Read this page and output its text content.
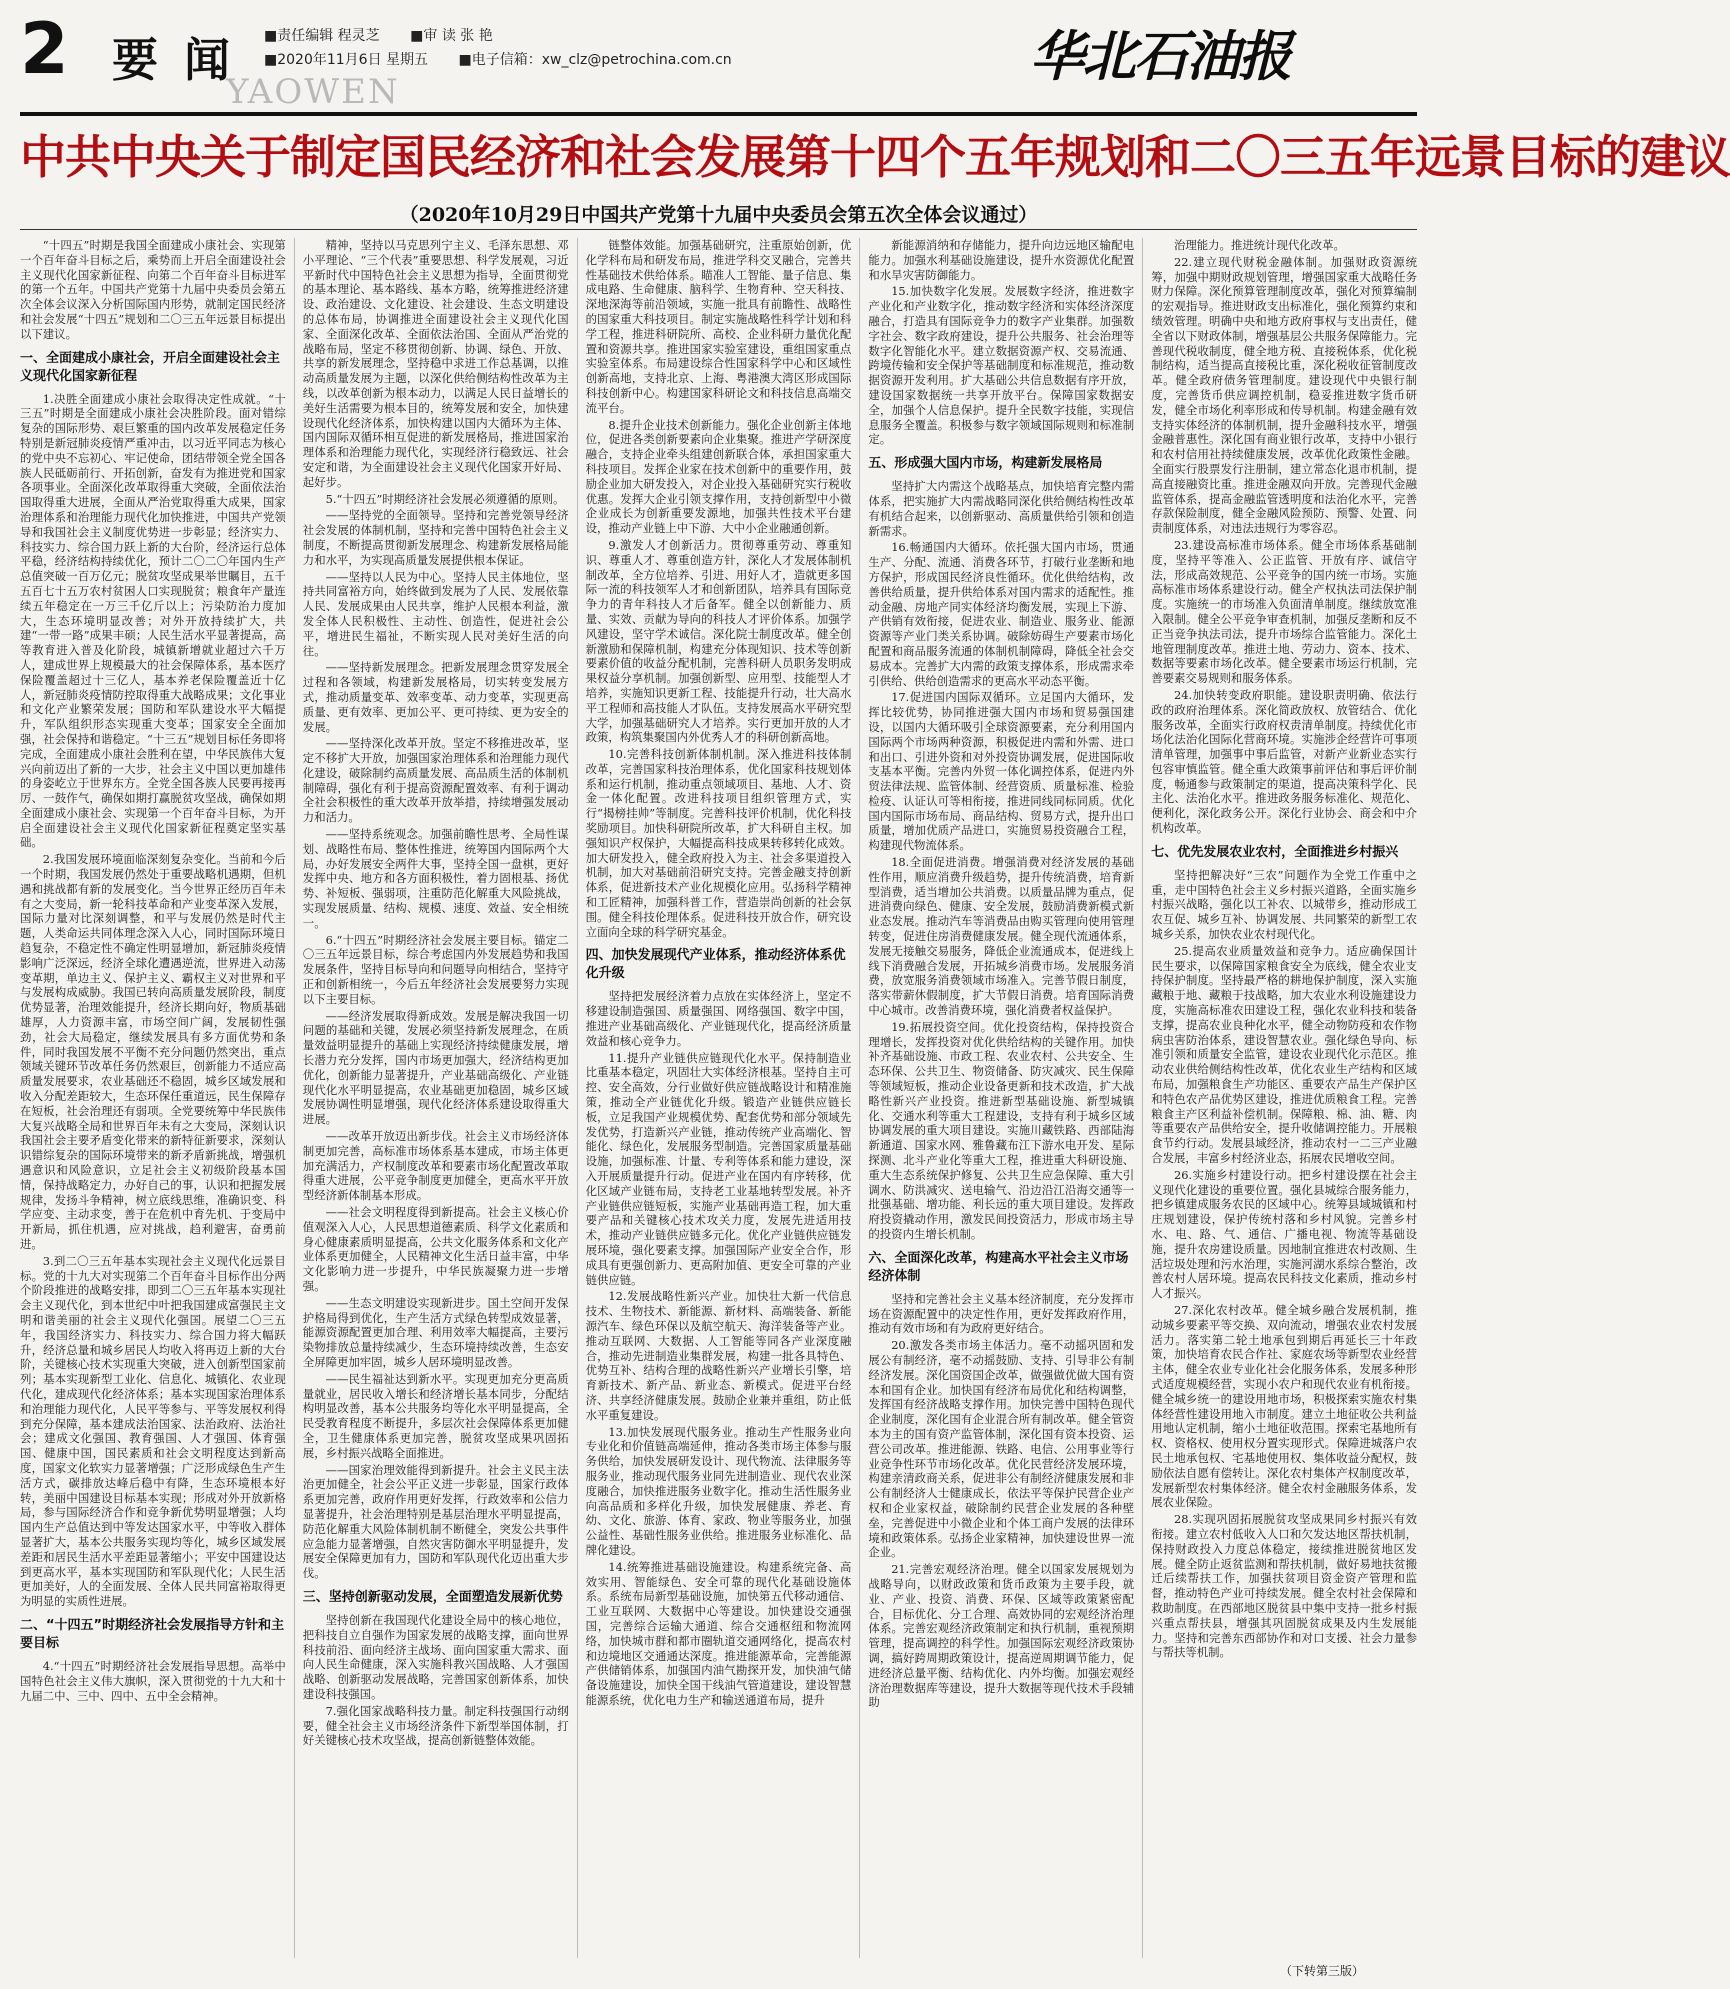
2 要闻
YAOWEN
■责任编辑 程灵芝 ■审 读 张 艳
■2020年11月6日 星期五 ■电子信箱：xw_clz@petrochina.com.cn	华北石油报
中共中央关于制定国民经济和社会发展第十四个五年规划和二〇三五年远景目标的建议
（2020年10月29日中国共产党第十九届中央委员会第五次全体会议通过）

“十四五”时期是我国全面建成小康社会、实现第一个百年奋斗目标之后，乘势而上开启全面建设社会主义现代化国家新征程、向第二个百年奋斗目标进军的第一个五年。中国共产党第十九届中央委员会第五次全体会议深入分析国际国内形势，就制定国民经济和社会发展“十四五”规划和二〇三五年远景目标提出以下建议。

一、全面建成小康社会，开启全面建设社会主义现代化国家新征程

1.决胜全面建成小康社会取得决定性成就。“十三五”时期是全面建成小康社会决胜阶段。面对错综复杂的国际形势、艰巨繁重的国内改革发展稳定任务特别是新冠肺炎疫情严重冲击，以习近平同志为核心的党中央不忘初心、牢记使命，团结带领全党全国各族人民砥砺前行、开拓创新，奋发有为推进党和国家各项事业。全面深化改革取得重大突破，全面依法治国取得重大进展，全面从严治党取得重大成果，国家治理体系和治理能力现代化加快推进，中国共产党领导和我国社会主义制度优势进一步彰显；经济实力、科技实力、综合国力跃上新的大台阶，经济运行总体平稳，经济结构持续优化，预计二〇二〇年国内生产总值突破一百万亿元；脱贫攻坚成果举世瞩目，五千五百七十五万农村贫困人口实现脱贫；粮食年产量连续五年稳定在一万三千亿斤以上；污染防治力度加大，生态环境明显改善；对外开放持续扩大，共建“一带一路”成果丰硕；人民生活水平显著提高，高等教育进入普及化阶段，城镇新增就业超过六千万人，建成世界上规模最大的社会保障体系，基本医疗保险覆盖超过十三亿人，基本养老保险覆盖近十亿人，新冠肺炎疫情防控取得重大战略成果；文化事业和文化产业繁荣发展；国防和军队建设水平大幅提升，军队组织形态实现重大变革；国家安全全面加强，社会保持和谐稳定。“十三五”规划目标任务即将完成，全面建成小康社会胜利在望，中华民族伟大复兴向前迈出了新的一大步，社会主义中国以更加雄伟的身姿屹立于世界东方。全党全国各族人民要再接再厉、一鼓作气，确保如期打赢脱贫攻坚战，确保如期全面建成小康社会、实现第一个百年奋斗目标，为开启全面建设社会主义现代化国家新征程奠定坚实基础。

2.我国发展环境面临深刻复杂变化。当前和今后一个时期，我国发展仍然处于重要战略机遇期，但机遇和挑战都有新的发展变化。当今世界正经历百年未有之大变局，新一轮科技革命和产业变革深入发展，国际力量对比深刻调整，和平与发展仍然是时代主题，人类命运共同体理念深入人心，同时国际环境日趋复杂，不稳定性不确定性明显增加，新冠肺炎疫情影响广泛深远，经济全球化遭遇逆流，世界进入动荡变革期，单边主义、保护主义、霸权主义对世界和平与发展构成威胁。我国已转向高质量发展阶段，制度优势显著，治理效能提升，经济长期向好，物质基础雄厚，人力资源丰富，市场空间广阔，发展韧性强劲，社会大局稳定，继续发展具有多方面优势和条件，同时我国发展不平衡不充分问题仍然突出，重点领域关键环节改革任务仍然艰巨，创新能力不适应高质量发展要求，农业基础还不稳固，城乡区域发展和收入分配差距较大，生态环保任重道远，民生保障存在短板，社会治理还有弱项。全党要统筹中华民族伟大复兴战略全局和世界百年未有之大变局，深刻认识我国社会主要矛盾变化带来的新特征新要求，深刻认识错综复杂的国际环境带来的新矛盾新挑战，增强机遇意识和风险意识，立足社会主义初级阶段基本国情，保持战略定力，办好自己的事，认识和把握发展规律，发扬斗争精神，树立底线思维，准确识变、科学应变、主动求变，善于在危机中育先机、于变局中开新局，抓住机遇，应对挑战，趋利避害，奋勇前进。

3.到二〇三五年基本实现社会主义现代化远景目标。党的十九大对实现第二个百年奋斗目标作出分两个阶段推进的战略安排，即到二〇三五年基本实现社会主义现代化，到本世纪中叶把我国建成富强民主文明和谐美丽的社会主义现代化强国。展望二〇三五年，我国经济实力、科技实力、综合国力将大幅跃升，经济总量和城乡居民人均收入将再迈上新的大台阶，关键核心技术实现重大突破，进入创新型国家前列；基本实现新型工业化、信息化、城镇化、农业现代化，建成现代化经济体系；基本实现国家治理体系和治理能力现代化，人民平等参与、平等发展权利得到充分保障，基本建成法治国家、法治政府、法治社会；建成文化强国、教育强国、人才强国、体育强国、健康中国，国民素质和社会文明程度达到新高度，国家文化软实力显著增强；广泛形成绿色生产生活方式，碳排放达峰后稳中有降，生态环境根本好转，美丽中国建设目标基本实现；形成对外开放新格局，参与国际经济合作和竞争新优势明显增强；人均国内生产总值达到中等发达国家水平，中等收入群体显著扩大，基本公共服务实现均等化，城乡区域发展差距和居民生活水平差距显著缩小；平安中国建设达到更高水平，基本实现国防和军队现代化；人民生活更加美好，人的全面发展、全体人民共同富裕取得更为明显的实质性进展。

二、“十四五”时期经济社会发展指导方针和主要目标

4.“十四五”时期经济社会发展指导思想。高举中国特色社会主义伟大旗帜，深入贯彻党的十九大和十九届二中、三中、四中、五中全会精神。

精神，坚持以马克思列宁主义、毛泽东思想、邓小平理论、“三个代表”重要思想、科学发展观，习近平新时代中国特色社会主义思想为指导，全面贯彻党的基本理论、基本路线、基本方略，统筹推进经济建设、政治建设、文化建设、社会建设、生态文明建设的总体布局，协调推进全面建设社会主义现代化国家、全面深化改革、全面依法治国、全面从严治党的战略布局，坚定不移贯彻创新、协调、绿色、开放、共享的新发展理念，坚持稳中求进工作总基调，以推动高质量发展为主题，以深化供给侧结构性改革为主线，以改革创新为根本动力，以满足人民日益增长的美好生活需要为根本目的，统筹发展和安全，加快建设现代化经济体系，加快构建以国内大循环为主体、国内国际双循环相互促进的新发展格局，推进国家治理体系和治理能力现代化，实现经济行稳致远、社会安定和谐，为全面建设社会主义现代化国家开好局、起好步。

5.“十四五”时期经济社会发展必须遵循的原则。

——坚持党的全面领导。坚持和完善党领导经济社会发展的体制机制，坚持和完善中国特色社会主义制度，不断提高贯彻新发展理念、构建新发展格局能力和水平，为实现高质量发展提供根本保证。

——坚持以人民为中心。坚持人民主体地位，坚持共同富裕方向，始终做到发展为了人民、发展依靠人民、发展成果由人民共享，维护人民根本利益，激发全体人民积极性、主动性、创造性，促进社会公平，增进民生福祉，不断实现人民对美好生活的向往。

——坚持新发展理念。把新发展理念贯穿发展全过程和各领域，构建新发展格局，切实转变发展方式，推动质量变革、效率变革、动力变革，实现更高质量、更有效率、更加公平、更可持续、更为安全的发展。

——坚持深化改革开放。坚定不移推进改革，坚定不移扩大开放，加强国家治理体系和治理能力现代化建设，破除制约高质量发展、高品质生活的体制机制障碍，强化有利于提高资源配置效率、有利于调动全社会积极性的重大改革开放举措，持续增强发展动力和活力。

——坚持系统观念。加强前瞻性思考、全局性谋划、战略性布局、整体性推进，统筹国内国际两个大局，办好发展安全两件大事，坚持全国一盘棋，更好发挥中央、地方和各方面积极性，着力固根基、扬优势、补短板、强弱项，注重防范化解重大风险挑战，实现发展质量、结构、规模、速度、效益、安全相统一。

6.“十四五”时期经济社会发展主要目标。锚定二〇三五年远景目标，综合考虑国内外发展趋势和我国发展条件，坚持目标导向和问题导向相结合，坚持守正和创新相统一，今后五年经济社会发展要努力实现以下主要目标。

——经济发展取得新成效。发展是解决我国一切问题的基础和关键，发展必须坚持新发展理念，在质量效益明显提升的基础上实现经济持续健康发展，增长潜力充分发挥，国内市场更加强大，经济结构更加优化，创新能力显著提升，产业基础高级化、产业链现代化水平明显提高，农业基础更加稳固，城乡区域发展协调性明显增强，现代化经济体系建设取得重大进展。

——改革开放迈出新步伐。社会主义市场经济体制更加完善，高标准市场体系基本建成，市场主体更加充满活力，产权制度改革和要素市场化配置改革取得重大进展，公平竞争制度更加健全，更高水平开放型经济新体制基本形成。

——社会文明程度得到新提高。社会主义核心价值观深入人心，人民思想道德素质、科学文化素质和身心健康素质明显提高，公共文化服务体系和文化产业体系更加健全，人民精神文化生活日益丰富，中华文化影响力进一步提升，中华民族凝聚力进一步增强。

——生态文明建设实现新进步。国土空间开发保护格局得到优化，生产生活方式绿色转型成效显著，能源资源配置更加合理、利用效率大幅提高，主要污染物排放总量持续减少，生态环境持续改善，生态安全屏障更加牢固，城乡人居环境明显改善。

——民生福祉达到新水平。实现更加充分更高质量就业，居民收入增长和经济增长基本同步，分配结构明显改善，基本公共服务均等化水平明显提高，全民受教育程度不断提升，多层次社会保障体系更加健全，卫生健康体系更加完善，脱贫攻坚成果巩固拓展，乡村振兴战略全面推进。

——国家治理效能得到新提升。社会主义民主法治更加健全，社会公平正义进一步彰显，国家行政体系更加完善，政府作用更好发挥，行政效率和公信力显著提升，社会治理特别是基层治理水平明显提高，防范化解重大风险体制机制不断健全，突发公共事件应急能力显著增强，自然灾害防御水平明显提升，发展安全保障更加有力，国防和军队现代化迈出重大步伐。

三、坚持创新驱动发展，全面塑造发展新优势

坚持创新在我国现代化建设全局中的核心地位，把科技自立自强作为国家发展的战略支撑，面向世界科技前沿、面向经济主战场、面向国家重大需求、面向人民生命健康，深入实施科教兴国战略、人才强国战略、创新驱动发展战略，完善国家创新体系，加快建设科技强国。

7.强化国家战略科技力量。制定科技强国行动纲要，健全社会主义市场经济条件下新型举国体制，打好关键核心技术攻坚战，提高创新链整体效能。

链整体效能。加强基础研究，注重原始创新，优化学科布局和研发布局，推进学科交叉融合，完善共性基础技术供给体系。瞄准人工智能、量子信息、集成电路、生命健康、脑科学、生物育种、空天科技、深地深海等前沿领域，实施一批具有前瞻性、战略性的国家重大科技项目。制定实施战略性科学计划和科学工程，推进科研院所、高校、企业科研力量优化配置和资源共享。推进国家实验室建设，重组国家重点实验室体系。布局建设综合性国家科学中心和区域性创新高地，支持北京、上海、粤港澳大湾区形成国际科技创新中心。构建国家科研论文和科技信息高端交流平台。

8.提升企业技术创新能力。强化企业创新主体地位，促进各类创新要素向企业集聚。推进产学研深度融合，支持企业牵头组建创新联合体，承担国家重大科技项目。发挥企业家在技术创新中的重要作用，鼓励企业加大研发投入，对企业投入基础研究实行税收优惠。发挥大企业引领支撑作用，支持创新型中小微企业成长为创新重要发源地，加强共性技术平台建设，推动产业链上中下游、大中小企业融通创新。

9.激发人才创新活力。贯彻尊重劳动、尊重知识、尊重人才、尊重创造方针，深化人才发展体制机制改革，全方位培养、引进、用好人才，造就更多国际一流的科技领军人才和创新团队，培养具有国际竞争力的青年科技人才后备军。健全以创新能力、质量、实效、贡献为导向的科技人才评价体系。加强学风建设，坚守学术诚信。深化院士制度改革。健全创新激励和保障机制，构建充分体现知识、技术等创新要素价值的收益分配机制，完善科研人员职务发明成果权益分享机制。加强创新型、应用型、技能型人才培养，实施知识更新工程、技能提升行动，壮大高水平工程师和高技能人才队伍。支持发展高水平研究型大学，加强基础研究人才培养。实行更加开放的人才政策，构筑集聚国内外优秀人才的科研创新高地。

10.完善科技创新体制机制。深入推进科技体制改革，完善国家科技治理体系，优化国家科技规划体系和运行机制，推动重点领域项目、基地、人才、资金一体化配置。改进科技项目组织管理方式，实行“揭榜挂帅”等制度。完善科技评价机制，优化科技奖励项目。加快科研院所改革，扩大科研自主权。加强知识产权保护，大幅提高科技成果转移转化成效。加大研发投入，健全政府投入为主、社会多渠道投入机制，加大对基础前沿研究支持。完善金融支持创新体系，促进新技术产业化规模化应用。弘扬科学精神和工匠精神，加强科普工作，营造崇尚创新的社会氛围。健全科技伦理体系。促进科技开放合作，研究设立面向全球的科学研究基金。

四、加快发展现代产业体系，推动经济体系优化升级

坚持把发展经济着力点放在实体经济上，坚定不移建设制造强国、质量强国、网络强国、数字中国，推进产业基础高级化、产业链现代化，提高经济质量效益和核心竞争力。

11.提升产业链供应链现代化水平。保持制造业比重基本稳定，巩固壮大实体经济根基。坚持自主可控、安全高效，分行业做好供应链战略设计和精准施策，推动全产业链优化升级。锻造产业链供应链长板，立足我国产业规模优势、配套优势和部分领域先发优势，打造新兴产业链，推动传统产业高端化、智能化、绿色化，发展服务型制造。完善国家质量基础设施，加强标准、计量、专利等体系和能力建设，深入开展质量提升行动。促进产业在国内有序转移，优化区域产业链布局，支持老工业基地转型发展。补齐产业链供应链短板，实施产业基础再造工程，加大重要产品和关键核心技术攻关力度，发展先进适用技术，推动产业链供应链多元化。优化产业链供应链发展环境，强化要素支撑。加强国际产业安全合作，形成具有更强创新力、更高附加值、更安全可靠的产业链供应链。

12.发展战略性新兴产业。加快壮大新一代信息技术、生物技术、新能源、新材料、高端装备、新能源汽车、绿色环保以及航空航天、海洋装备等产业。推动互联网、大数据、人工智能等同各产业深度融合，推动先进制造业集群发展，构建一批各具特色、优势互补、结构合理的战略性新兴产业增长引擎，培育新技术、新产品、新业态、新模式。促进平台经济、共享经济健康发展。鼓励企业兼并重组，防止低水平重复建设。

13.加快发展现代服务业。推动生产性服务业向专业化和价值链高端延伸，推动各类市场主体参与服务供给，加快发展研发设计、现代物流、法律服务等服务业，推动现代服务业同先进制造业、现代农业深度融合，加快推进服务业数字化。推动生活性服务业向高品质和多样化升级，加快发展健康、养老、育幼、文化、旅游、体育、家政、物业等服务业，加强公益性、基础性服务业供给。推进服务业标准化、品牌化建设。

14.统筹推进基础设施建设。构建系统完备、高效实用、智能绿色、安全可靠的现代化基础设施体系。系统布局新型基础设施，加快第五代移动通信、工业互联网、大数据中心等建设。加快建设交通强国，完善综合运输大通道、综合交通枢纽和物流网络，加快城市群和都市圈轨道交通网络化，提高农村和边境地区交通通达深度。推进能源革命，完善能源产供储销体系，加强国内油气勘探开发，加快油气储备设施建设，加快全国干线油气管道建设，建设智慧能源系统，优化电力生产和输送通道布局，提升

新能源消纳和存储能力，提升向边远地区输配电能力。加强水利基础设施建设，提升水资源优化配置和水旱灾害防御能力。

15.加快数字化发展。发展数字经济，推进数字产业化和产业数字化，推动数字经济和实体经济深度融合，打造具有国际竞争力的数字产业集群。加强数字社会、数字政府建设，提升公共服务、社会治理等数字化智能化水平。建立数据资源产权、交易流通、跨境传输和安全保护等基础制度和标准规范，推动数据资源开发利用。扩大基础公共信息数据有序开放，建设国家数据统一共享开放平台。保障国家数据安全，加强个人信息保护。提升全民数字技能，实现信息服务全覆盖。积极参与数字领域国际规则和标准制定。

五、形成强大国内市场，构建新发展格局

坚持扩大内需这个战略基点，加快培育完整内需体系，把实施扩大内需战略同深化供给侧结构性改革有机结合起来，以创新驱动、高质量供给引领和创造新需求。

16.畅通国内大循环。依托强大国内市场，贯通生产、分配、流通、消费各环节，打破行业垄断和地方保护，形成国民经济良性循环。优化供给结构，改善供给质量，提升供给体系对国内需求的适配性。推动金融、房地产同实体经济均衡发展，实现上下游、产供销有效衔接，促进农业、制造业、服务业、能源资源等产业门类关系协调。破除妨碍生产要素市场化配置和商品服务流通的体制机制障碍，降低全社会交易成本。完善扩大内需的政策支撑体系，形成需求牵引供给、供给创造需求的更高水平动态平衡。

17.促进国内国际双循环。立足国内大循环，发挥比较优势，协同推进强大国内市场和贸易强国建设，以国内大循环吸引全球资源要素，充分利用国内国际两个市场两种资源，积极促进内需和外需、进口和出口、引进外资和对外投资协调发展，促进国际收支基本平衡。完善内外贸一体化调控体系，促进内外贸法律法规、监管体制、经营资质、质量标准、检验检疫、认证认可等相衔接，推进同线同标同质。优化国内国际市场布局、商品结构、贸易方式，提升出口质量，增加优质产品进口，实施贸易投资融合工程，构建现代物流体系。

18.全面促进消费。增强消费对经济发展的基础性作用，顺应消费升级趋势，提升传统消费，培育新型消费，适当增加公共消费。以质量品牌为重点，促进消费向绿色、健康、安全发展，鼓励消费新模式新业态发展。推动汽车等消费品由购买管理向使用管理转变，促进住房消费健康发展。健全现代流通体系，发展无接触交易服务，降低企业流通成本，促进线上线下消费融合发展，开拓城乡消费市场。发展服务消费，放宽服务消费领域市场准入。完善节假日制度，落实带薪休假制度，扩大节假日消费。培育国际消费中心城市。改善消费环境，强化消费者权益保护。

19.拓展投资空间。优化投资结构，保持投资合理增长，发挥投资对优化供给结构的关键作用。加快补齐基础设施、市政工程、农业农村、公共安全、生态环保、公共卫生、物资储备、防灾减灾、民生保障等领域短板，推动企业设备更新和技术改造，扩大战略性新兴产业投资。推进新型基础设施、新型城镇化、交通水利等重大工程建设，支持有利于城乡区域协调发展的重大项目建设。实施川藏铁路、西部陆海新通道、国家水网、雅鲁藏布江下游水电开发、星际探测、北斗产业化等重大工程，推进重大科研设施、重大生态系统保护修复、公共卫生应急保障、重大引调水、防洪减灾、送电输气、沿边沿江沿海交通等一批强基础、增功能、利长远的重大项目建设。发挥政府投资撬动作用，激发民间投资活力，形成市场主导的投资内生增长机制。

六、全面深化改革，构建高水平社会主义市场经济体制

坚持和完善社会主义基本经济制度，充分发挥市场在资源配置中的决定性作用，更好发挥政府作用，推动有效市场和有为政府更好结合。

20.激发各类市场主体活力。毫不动摇巩固和发展公有制经济，毫不动摇鼓励、支持、引导非公有制经济发展。深化国资国企改革，做强做优做大国有资本和国有企业。加快国有经济布局优化和结构调整，发挥国有经济战略支撑作用。加快完善中国特色现代企业制度，深化国有企业混合所有制改革。健全管资本为主的国有资产监管体制，深化国有资本投资、运营公司改革。推进能源、铁路、电信、公用事业等行业竞争性环节市场化改革。优化民营经济发展环境，构建亲清政商关系，促进非公有制经济健康发展和非公有制经济人士健康成长，依法平等保护民营企业产权和企业家权益，破除制约民营企业发展的各种壁垒，完善促进中小微企业和个体工商户发展的法律环境和政策体系。弘扬企业家精神，加快建设世界一流企业。

21.完善宏观经济治理。健全以国家发展规划为战略导向，以财政政策和货币政策为主要手段，就业、产业、投资、消费、环保、区域等政策紧密配合，目标优化、分工合理、高效协同的宏观经济治理体系。完善宏观经济政策制定和执行机制，重视预期管理，提高调控的科学性。加强国际宏观经济政策协调，搞好跨周期政策设计，提高逆周期调节能力，促进经济总量平衡、结构优化、内外均衡。加强宏观经济治理数据库等建设，提升大数据等现代技术手段辅助

治理能力。推进统计现代化改革。

22.建立现代财税金融体制。加强财政资源统筹，加强中期财政规划管理，增强国家重大战略任务财力保障。深化预算管理制度改革，强化对预算编制的宏观指导。推进财政支出标准化，强化预算约束和绩效管理。明确中央和地方政府事权与支出责任，健全省以下财政体制，增强基层公共服务保障能力。完善现代税收制度，健全地方税、直接税体系，优化税制结构，适当提高直接税比重，深化税收征管制度改革。健全政府债务管理制度。建设现代中央银行制度，完善货币供应调控机制，稳妥推进数字货币研发，健全市场化利率形成和传导机制。构建金融有效支持实体经济的体制机制，提升金融科技水平，增强金融普惠性。深化国有商业银行改革，支持中小银行和农村信用社持续健康发展，改革优化政策性金融。全面实行股票发行注册制，建立常态化退市机制，提高直接融资比重。推进金融双向开放。完善现代金融监管体系，提高金融监管透明度和法治化水平，完善存款保险制度，健全金融风险预防、预警、处置、问责制度体系，对违法违规行为零容忍。

23.建设高标准市场体系。健全市场体系基础制度，坚持平等准入、公正监管、开放有序、诚信守法，形成高效规范、公平竞争的国内统一市场。实施高标准市场体系建设行动。健全产权执法司法保护制度。实施统一的市场准入负面清单制度。继续放宽准入限制。健全公平竞争审查机制，加强反垄断和反不正当竞争执法司法，提升市场综合监管能力。深化土地管理制度改革。推进土地、劳动力、资本、技术、数据等要素市场化改革。健全要素市场运行机制，完善要素交易规则和服务体系。

24.加快转变政府职能。建设职责明确、依法行政的政府治理体系。深化简政放权、放管结合、优化服务改革，全面实行政府权责清单制度。持续优化市场化法治化国际化营商环境。实施涉企经营许可事项清单管理，加强事中事后监管，对新产业新业态实行包容审慎监管。健全重大政策事前评估和事后评价制度，畅通参与政策制定的渠道，提高决策科学化、民主化、法治化水平。推进政务服务标准化、规范化、便利化，深化政务公开。深化行业协会、商会和中介机构改革。

七、优先发展农业农村，全面推进乡村振兴

坚持把解决好“三农”问题作为全党工作重中之重，走中国特色社会主义乡村振兴道路，全面实施乡村振兴战略，强化以工补农、以城带乡，推动形成工农互促、城乡互补、协调发展、共同繁荣的新型工农城乡关系，加快农业农村现代化。

25.提高农业质量效益和竞争力。适应确保国计民生要求，以保障国家粮食安全为底线，健全农业支持保护制度。坚持最严格的耕地保护制度，深入实施藏粮于地、藏粮于技战略，加大农业水利设施建设力度，实施高标准农田建设工程，强化农业科技和装备支撑，提高农业良种化水平，健全动物防疫和农作物病虫害防治体系，建设智慧农业。强化绿色导向、标准引领和质量安全监管，建设农业现代化示范区。推动农业供给侧结构性改革，优化农业生产结构和区域布局，加强粮食生产功能区、重要农产品生产保护区和特色农产品优势区建设，推进优质粮食工程。完善粮食主产区利益补偿机制。保障粮、棉、油、糖、肉等重要农产品供给安全，提升收储调控能力。开展粮食节约行动。发展县域经济，推动农村一二三产业融合发展，丰富乡村经济业态，拓展农民增收空间。

26.实施乡村建设行动。把乡村建设摆在社会主义现代化建设的重要位置。强化县城综合服务能力，把乡镇建成服务农民的区域中心。统筹县域城镇和村庄规划建设，保护传统村落和乡村风貌。完善乡村水、电、路、气、通信、广播电视、物流等基础设施，提升农房建设质量。因地制宜推进农村改厕、生活垃圾处理和污水治理，实施河湖水系综合整治，改善农村人居环境。提高农民科技文化素质，推动乡村人才振兴。

27.深化农村改革。健全城乡融合发展机制，推动城乡要素平等交换、双向流动，增强农业农村发展活力。落实第二轮土地承包到期后再延长三十年政策，加快培育农民合作社、家庭农场等新型农业经营主体，健全农业专业化社会化服务体系，发展多种形式适度规模经营，实现小农户和现代农业有机衔接。健全城乡统一的建设用地市场，积极探索实施农村集体经营性建设用地入市制度。建立土地征收公共利益用地认定机制，缩小土地征收范围。探索宅基地所有权、资格权、使用权分置实现形式。保障进城落户农民土地承包权、宅基地使用权、集体收益分配权，鼓励依法自愿有偿转让。深化农村集体产权制度改革，发展新型农村集体经济。健全农村金融服务体系，发展农业保险。

28.实现巩固拓展脱贫攻坚成果同乡村振兴有效衔接。建立农村低收入人口和欠发达地区帮扶机制，保持财政投入力度总体稳定，接续推进脱贫地区发展。健全防止返贫监测和帮扶机制，做好易地扶贫搬迁后续帮扶工作，加强扶贫项目资金资产管理和监督，推动特色产业可持续发展。健全农村社会保障和救助制度。在西部地区脱贫县中集中支持一批乡村振兴重点帮扶县，增强其巩固脱贫成果及内生发展能力。坚持和完善东西部协作和对口支援、社会力量参与帮扶等机制。

（下转第三版）
